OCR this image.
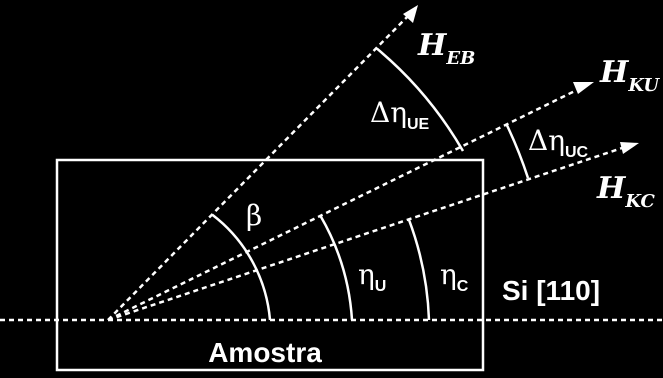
$H_{EB}$	$H_{KU}$
$H_{KC}$
β
$\eta_U$ $\eta_C$
$\Delta\eta_{UE}$	$\Delta\eta_{UC}$
Si [110]
Amostra
